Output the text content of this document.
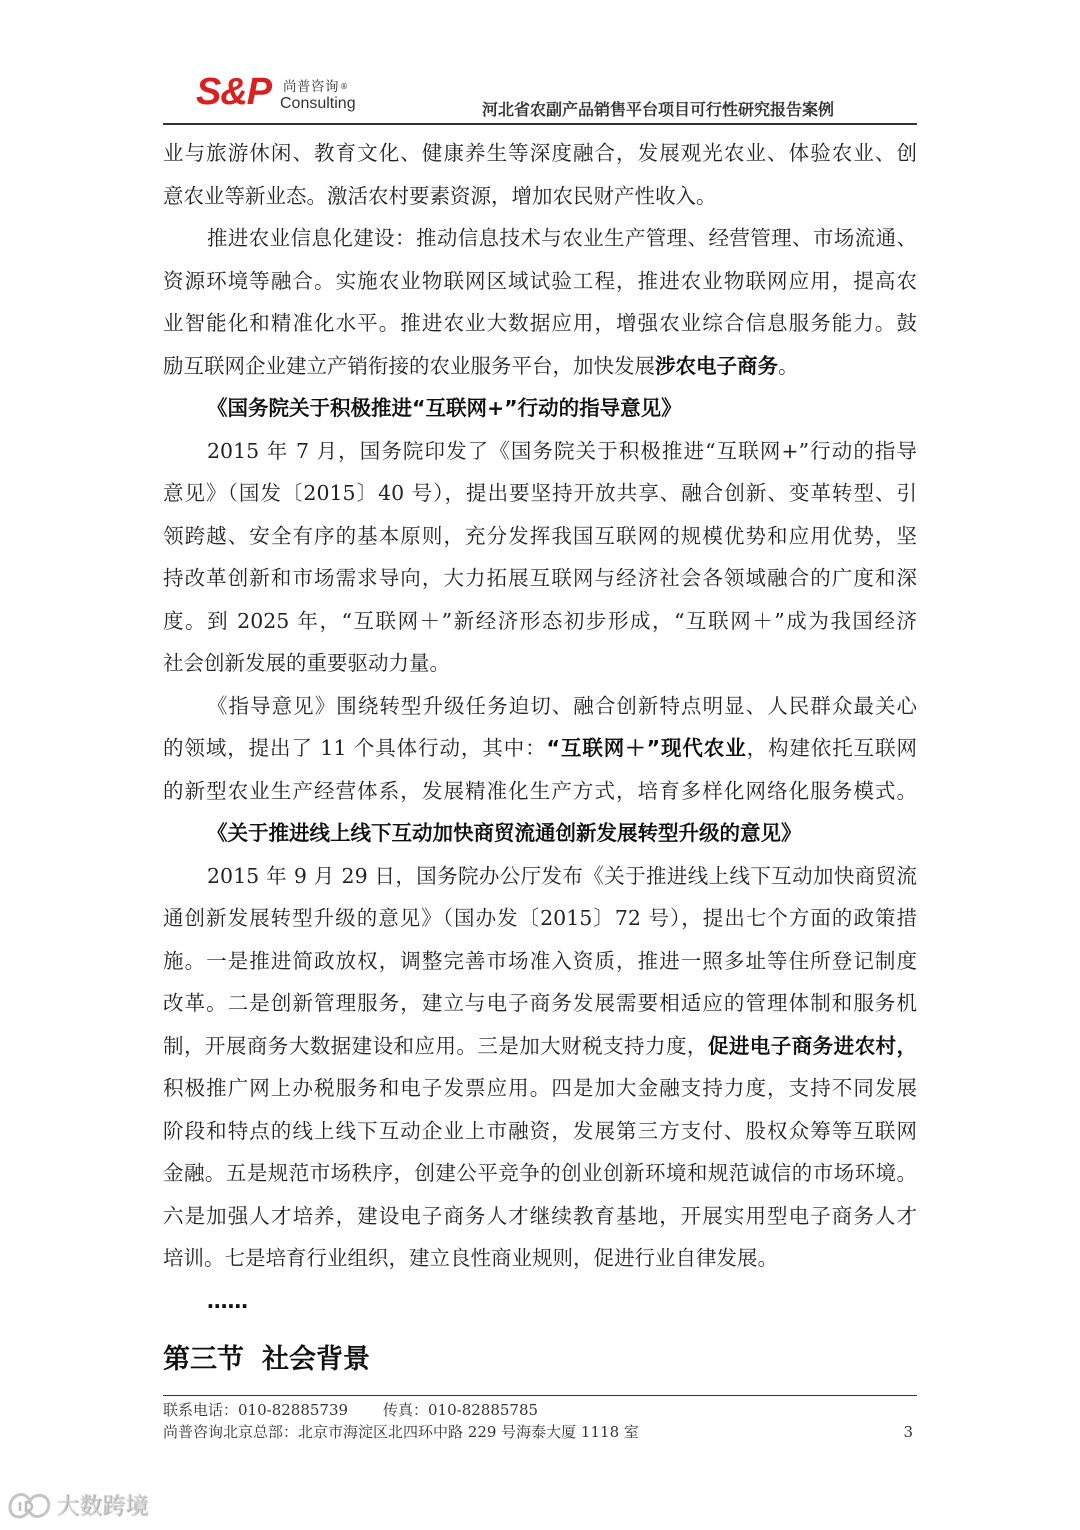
S&P 尚普咨询®
Consulting	河北省农副产品销售平台项目可行性研究报告案例
业与旅游休闲、教育文化、健康养生等深度融合，发展观光农业、体验农业、创
意农业等新业态。激活农村要素资源，增加农民财产性收入。
推进农业信息化建设：推动信息技术与农业生产管理、经营管理、市场流通、
资源环境等融合。实施农业物联网区域试验工程，推进农业物联网应用，提高农
业智能化和精准化水平。推进农业大数据应用，增强农业综合信息服务能力。鼓
励互联网企业建立产销衔接的农业服务平台，加快发展涉农电子商务。
《国务院关于积极推进“互联网+”行动的指导意见》
2015 年 7 月，国务院印发了《国务院关于积极推进“互联网+”行动的指导
意见》（国发〔2015〕40 号），提出要坚持开放共享、融合创新、变革转型、引
领跨越、安全有序的基本原则，充分发挥我国互联网的规模优势和应用优势，坚
持改革创新和市场需求导向，大力拓展互联网与经济社会各领域融合的广度和深
度。到 2025 年，“互联网＋”新经济形态初步形成，“互联网＋”成为我国经济
社会创新发展的重要驱动力量。
《指导意见》围绕转型升级任务迫切、融合创新特点明显、人民群众最关心
的领域，提出了 11 个具体行动，其中：“互联网＋”现代农业，构建依托互联网
的新型农业生产经营体系，发展精准化生产方式，培育多样化网络化服务模式。
《关于推进线上线下互动加快商贸流通创新发展转型升级的意见》
2015 年 9 月 29 日，国务院办公厅发布《关于推进线上线下互动加快商贸流
通创新发展转型升级的意见》（国办发〔2015〕72 号），提出七个方面的政策措
施。一是推进简政放权，调整完善市场准入资质，推进一照多址等住所登记制度
改革。二是创新管理服务，建立与电子商务发展需要相适应的管理体制和服务机
制，开展商务大数据建设和应用。三是加大财税支持力度，促进电子商务进农村，
积极推广网上办税服务和电子发票应用。四是加大金融支持力度，支持不同发展
阶段和特点的线上线下互动企业上市融资，发展第三方支付、股权众筹等互联网
金融。五是规范市场秩序，创建公平竞争的创业创新环境和规范诚信的市场环境。
六是加强人才培养，建设电子商务人才继续教育基地，开展实用型电子商务人才
培训。七是培育行业组织，建立良性商业规则，促进行业自律发展。
……
第三节 社会背景
联系电话：010-82885739 传真：010-82885785
尚普咨询北京总部：北京市海淀区北四环中路 229 号海泰大厦 1118 室	3
大数跨境
